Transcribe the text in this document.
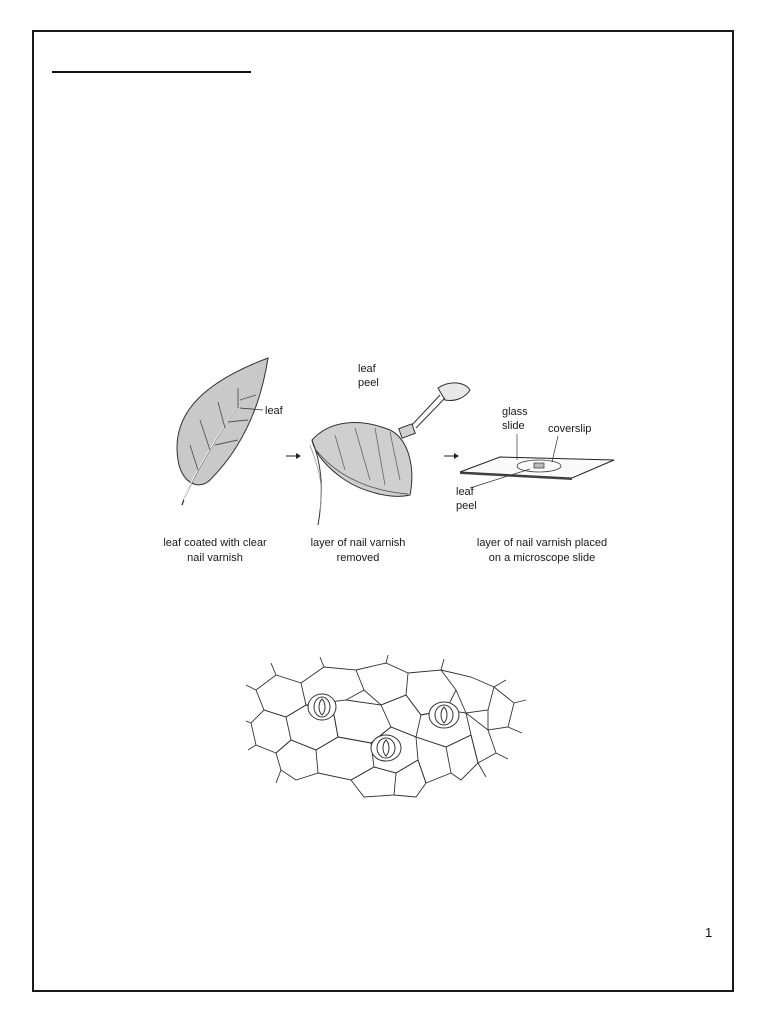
leaf
leaf
peel
glass
slide coverslip
leaf
peel
leaf coated with clear
nail varnish
layer of nail varnish
removed
layer of nail varnish placed
on a microscope slide
1
